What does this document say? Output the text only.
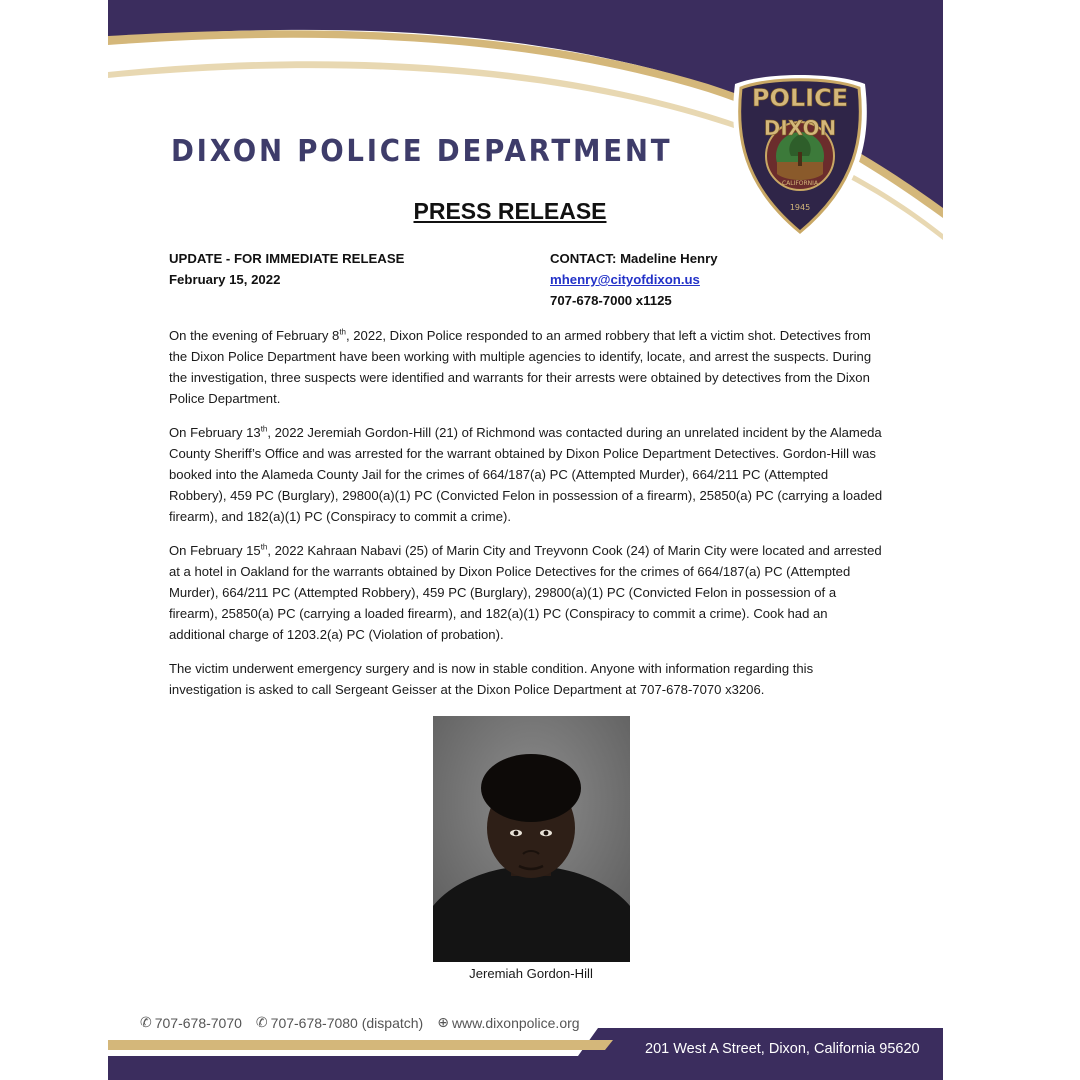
DIXON POLICE DEPARTMENT
POLICE
DIXON
CALIFORNIA
1945
PRESS RELEASE
UPDATE - FOR IMMEDIATE RELEASE
February 15, 2022
CONTACT: Madeline Henry
mhenry@cityofdixon.us
707-678-7000 x1125

On the evening of February 8th, 2022, Dixon Police responded to an armed robbery that left a victim shot. Detectives from the Dixon Police Department have been working with multiple agencies to identify, locate, and arrest the suspects. During the investigation, three suspects were identified and warrants for their arrests were obtained by detectives from the Dixon Police Department.

On February 13th, 2022 Jeremiah Gordon-Hill (21) of Richmond was contacted during an unrelated incident by the Alameda County Sheriff’s Office and was arrested for the warrant obtained by Dixon Police Department Detectives. Gordon-Hill was booked into the Alameda County Jail for the crimes of 664/187(a) PC (Attempted Murder), 664/211 PC (Attempted Robbery), 459 PC (Burglary), 29800(a)(1) PC (Convicted Felon in possession of a firearm), 25850(a) PC (carrying a loaded firearm), and 182(a)(1) PC (Conspiracy to commit a crime).

On February 15th, 2022 Kahraan Nabavi (25) of Marin City and Treyvonn Cook (24) of Marin City were located and arrested at a hotel in Oakland for the warrants obtained by Dixon Police Detectives for the crimes of 664/187(a) PC (Attempted Murder), 664/211 PC (Attempted Robbery), 459 PC (Burglary), 29800(a)(1) PC (Convicted Felon in possession of a firearm), 25850(a) PC (carrying a loaded firearm), and 182(a)(1) PC (Conspiracy to commit a crime). Cook had an additional charge of 1203.2(a) PC (Violation of probation).

The victim underwent emergency surgery and is now in stable condition. Anyone with information regarding this investigation is asked to call Sergeant Geisser at the Dixon Police Department at 707-678-7070 x3206.

Jeremiah Gordon-Hill
✆ 707-678-7070 ✆ 707-678-7080 (dispatch) ⊕ www.dixonpolice.org
201 West A Street, Dixon, California 95620
